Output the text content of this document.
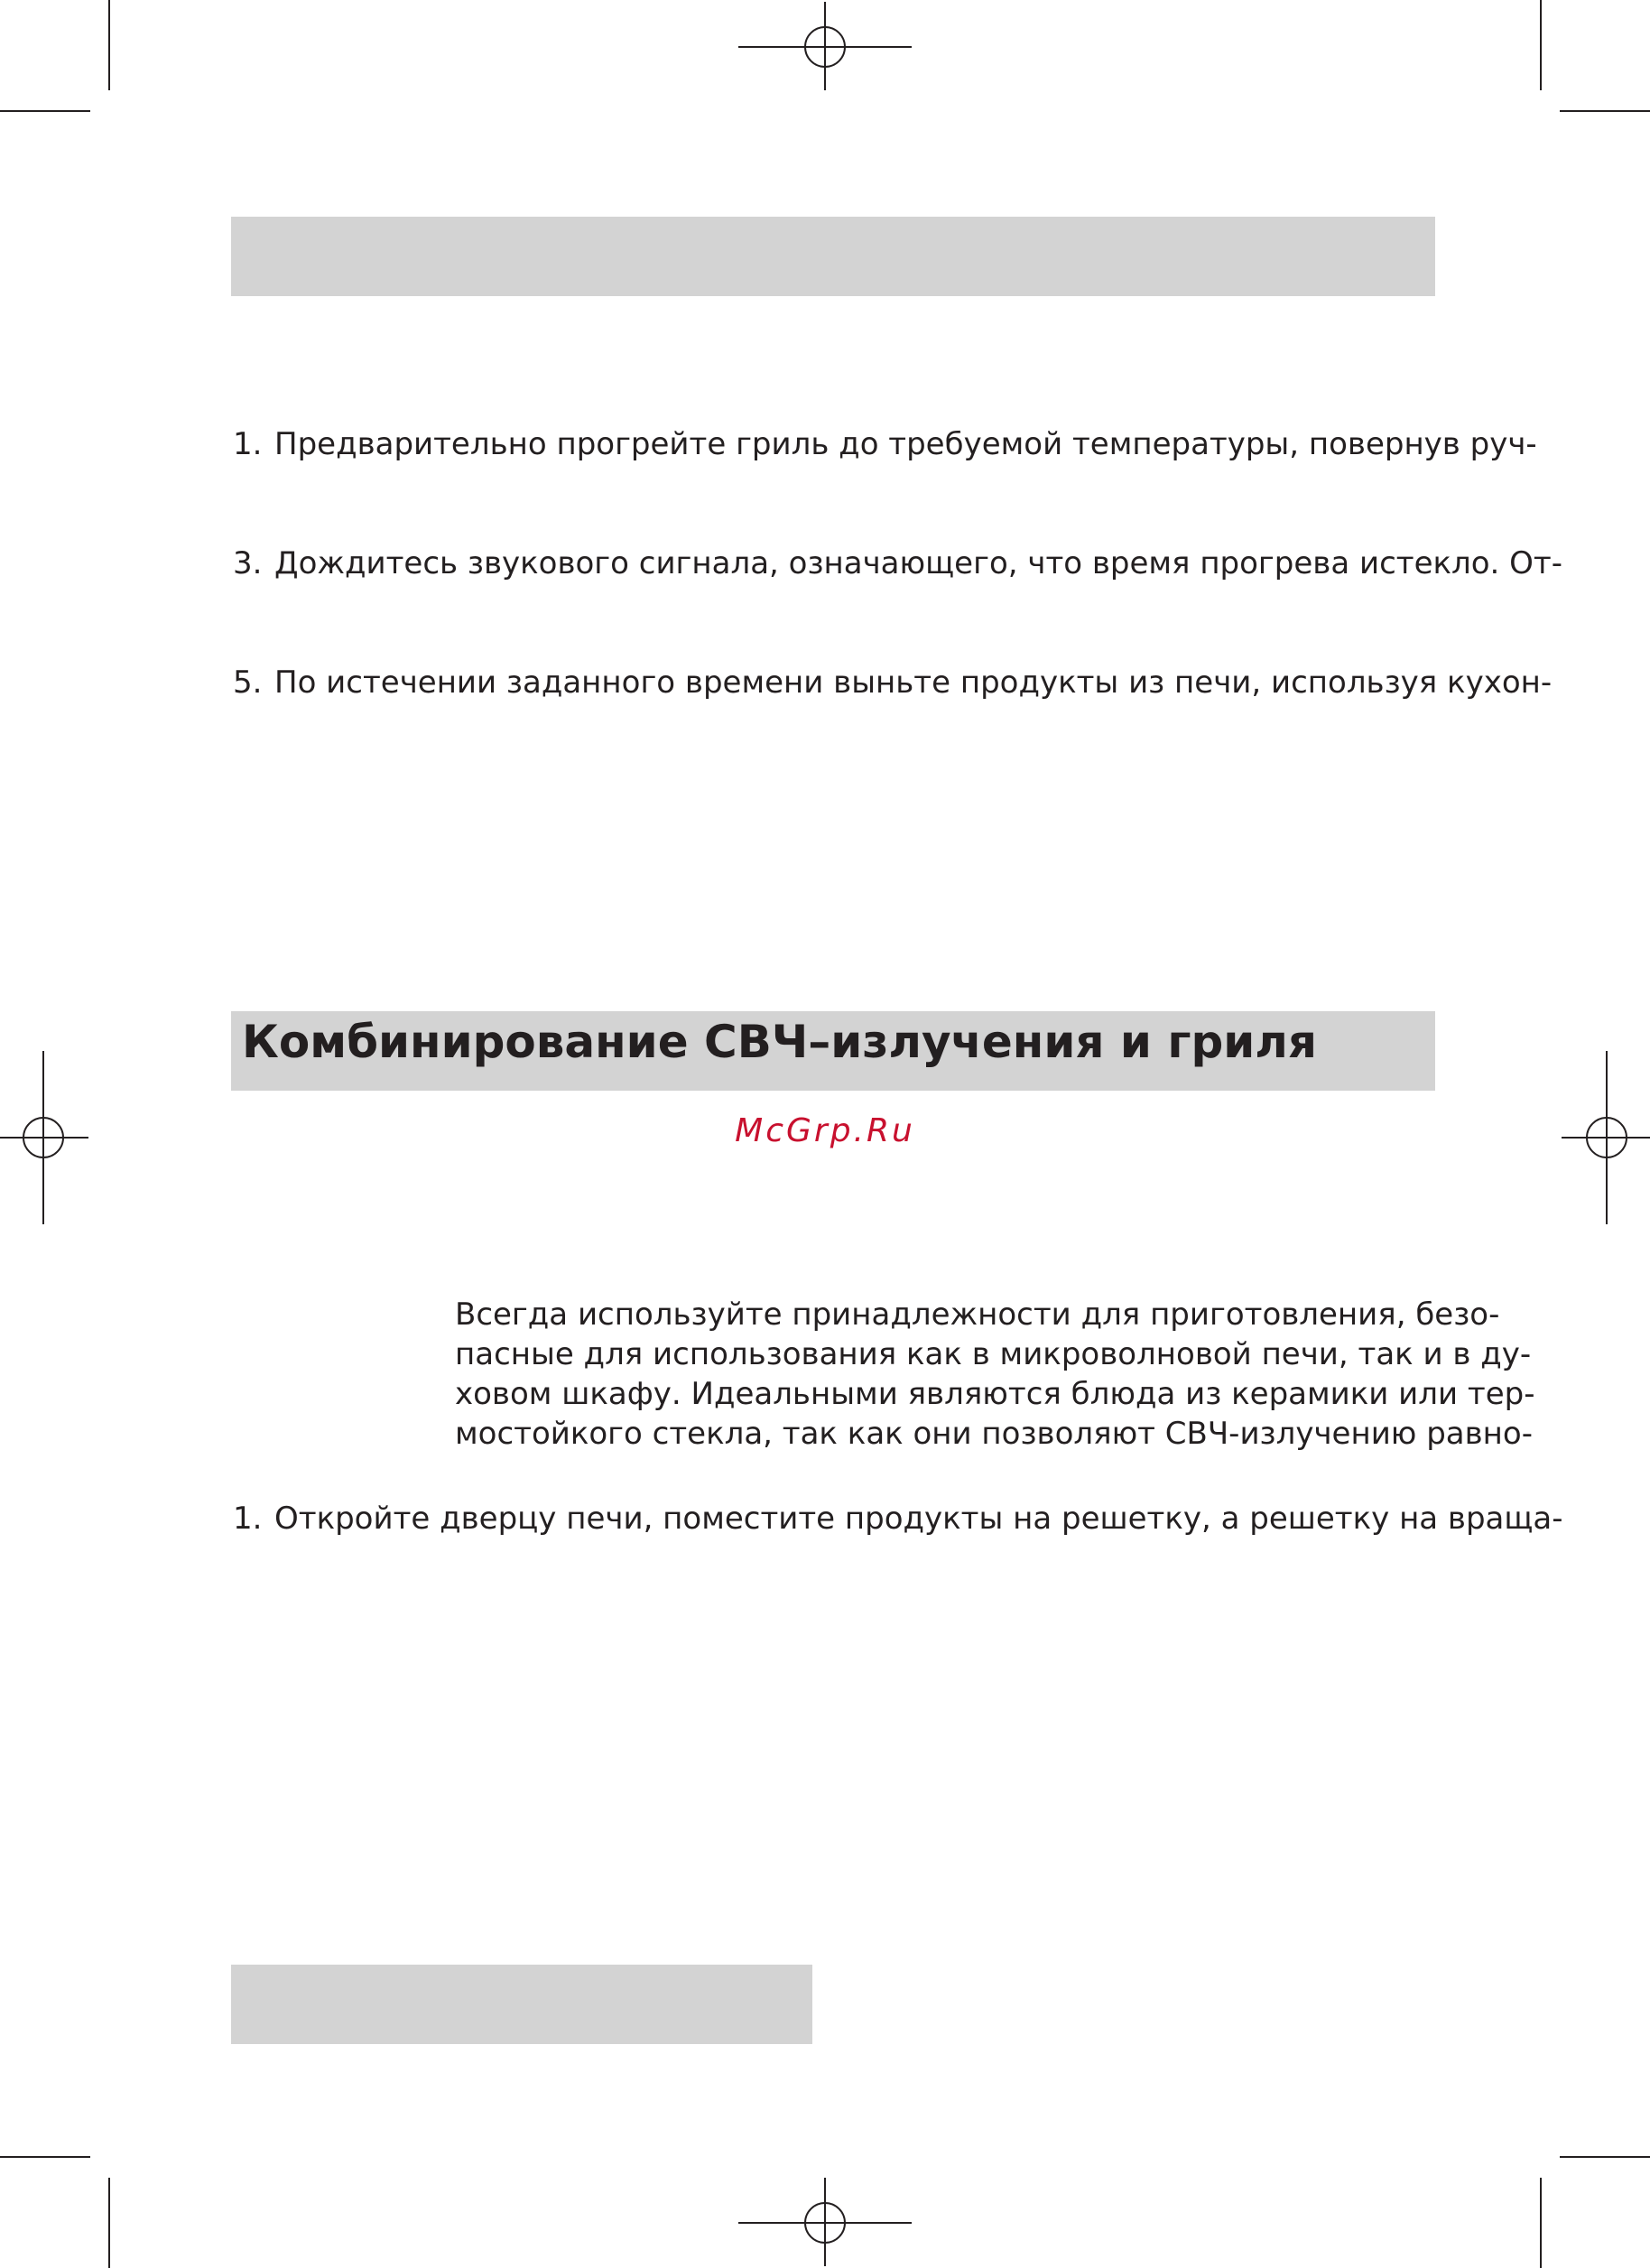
1. Предварительно прогрейте гриль до требуемой температуры, повернув руч-
3. Дождитесь звукового сигнала, означающего, что время прогрева истекло. От-
5. По истечении заданного времени выньте продукты из печи, используя кухон-
Комбинирование СВЧ–излучения и гриля
McGrp.Ru
Всегда используйте принадлежности для приготовления, безо-
пасные для использования как в микроволновой печи, так и в ду-
ховом шкафу. Идеальными являются блюда из керамики или тер-
мостойкого стекла, так как они позволяют СВЧ-излучению равно-
1. Откройте дверцу печи, поместите продукты на решетку, а решетку на враща-
